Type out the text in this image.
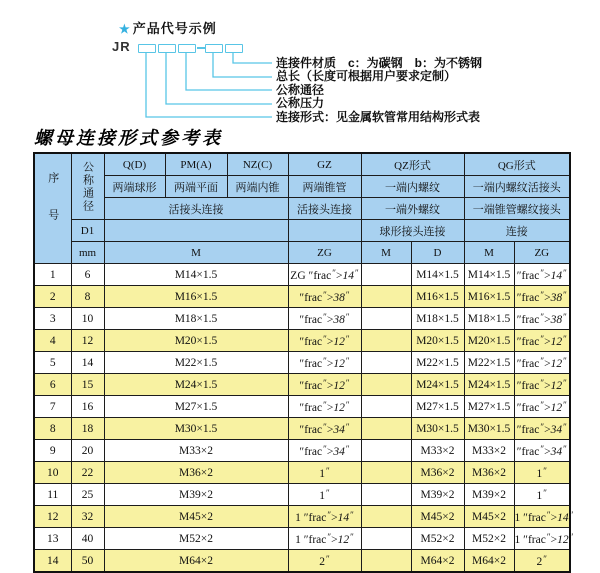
★ 产品代号示例
JR
连接件材质　c：为碳钢　b：为不锈钢
总长（长度可根据用户要求定制）
公称通径
公称压力
连接形式：见金属软管常用结构形式表
螺母连接形式参考表
序号	公称通径	Q(D)	PM(A)	NZ(C)	GZ	QZ形式		QG形式	
		两端球形	两端平面	两端内锥	两端锥管	一端内螺纹		一端内螺纹活接头	
		活接头连接			活接头连接	一端外螺纹		一端锥管螺纹接头	
	D1					球形接头连接		连接	
	mm	M			ZG	M	D	M	ZG
1	6	M14×1.5			ZG ″frac″>14″		M14×1.5	M14×1.5	″frac″>14″
2	8	M16×1.5			″frac″>38″		M16×1.5	M16×1.5	″frac″>38″
3	10	M18×1.5			″frac″>38″		M18×1.5	M18×1.5	″frac″>38″
4	12	M20×1.5			″frac″>12″		M20×1.5	M20×1.5	″frac″>12″
5	14	M22×1.5			″frac″>12″		M22×1.5	M22×1.5	″frac″>12″
6	15	M24×1.5			″frac″>12″		M24×1.5	M24×1.5	″frac″>12″
7	16	M27×1.5			″frac″>12″		M27×1.5	M27×1.5	″frac″>12″
8	18	M30×1.5			″frac″>34″		M30×1.5	M30×1.5	″frac″>34″
9	20	M33×2			″frac″>34″		M33×2	M33×2	″frac″>34″
10	22	M36×2			1″		M36×2	M36×2	1″
11	25	M39×2			1″		M39×2	M39×2	1″
12	32	M45×2			1 ″frac″>14″		M45×2	M45×2	1 ″frac″>14″
13	40	M52×2			1 ″frac″>12″		M52×2	M52×2	1 ″frac″>12″
14	50	M64×2			2″		M64×2	M64×2	2″
